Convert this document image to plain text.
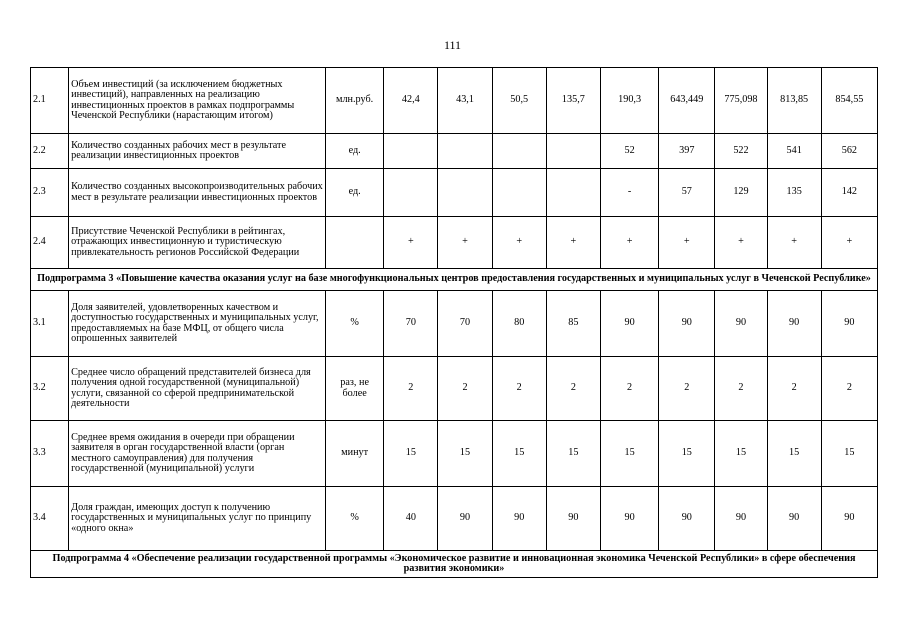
111
2.1	Объем инвестиций (за исключением бюджетных инвестиций), направленных на реализацию инвестиционных проектов в рамках подпрограммы Чеченской Республики (нарастающим итогом)	млн.руб.	42,4	43,1	50,5	135,7	190,3	643,449	775,098	813,85	854,55
2.2	Количество созданных рабочих мест в результате реализации инвестиционных проектов	ед.					52	397	522	541	562
2.3	Количество созданных высокопроизводительных рабочих мест в результате реализации инвестиционных проектов	ед.					-	57	129	135	142
2.4	Присутствие Чеченской Республики в рейтингах, отражающих инвестиционную и туристическую привлекательность регионов Российской Федерации		+	+	+	+	+	+	+	+	+
Подпрограмма 3 «Повышение качества оказания услуг на базе многофункциональных центров предоставления государственных и муниципальных услуг в Чеченской Республике»											
3.1	Доля заявителей, удовлетворенных качеством и доступностью государственных и муниципальных услуг, предоставляемых на базе МФЦ, от общего числа опрошенных заявителей	%	70	70	80	85	90	90	90	90	90
3.2	Среднее число обращений представителей бизнеса для получения одной государственной (муниципальной) услуги, связанной со сферой предпринимательской деятельности	раз, не более	2	2	2	2	2	2	2	2	2
3.3	Среднее время ожидания в очереди при обращении заявителя в орган государственной власти (орган местного самоуправления) для получения государственной (муниципальной) услуги	минут	15	15	15	15	15	15	15	15	15
3.4	Доля граждан, имеющих доступ к получению государственных и муниципальных услуг по принципу «одного окна»	%	40	90	90	90	90	90	90	90	90
Подпрограмма 4 «Обеспечение реализации государственной программы «Экономическое развитие и инновационная экономика Чеченской Республики» в сфере обеспечения развития экономики»											
